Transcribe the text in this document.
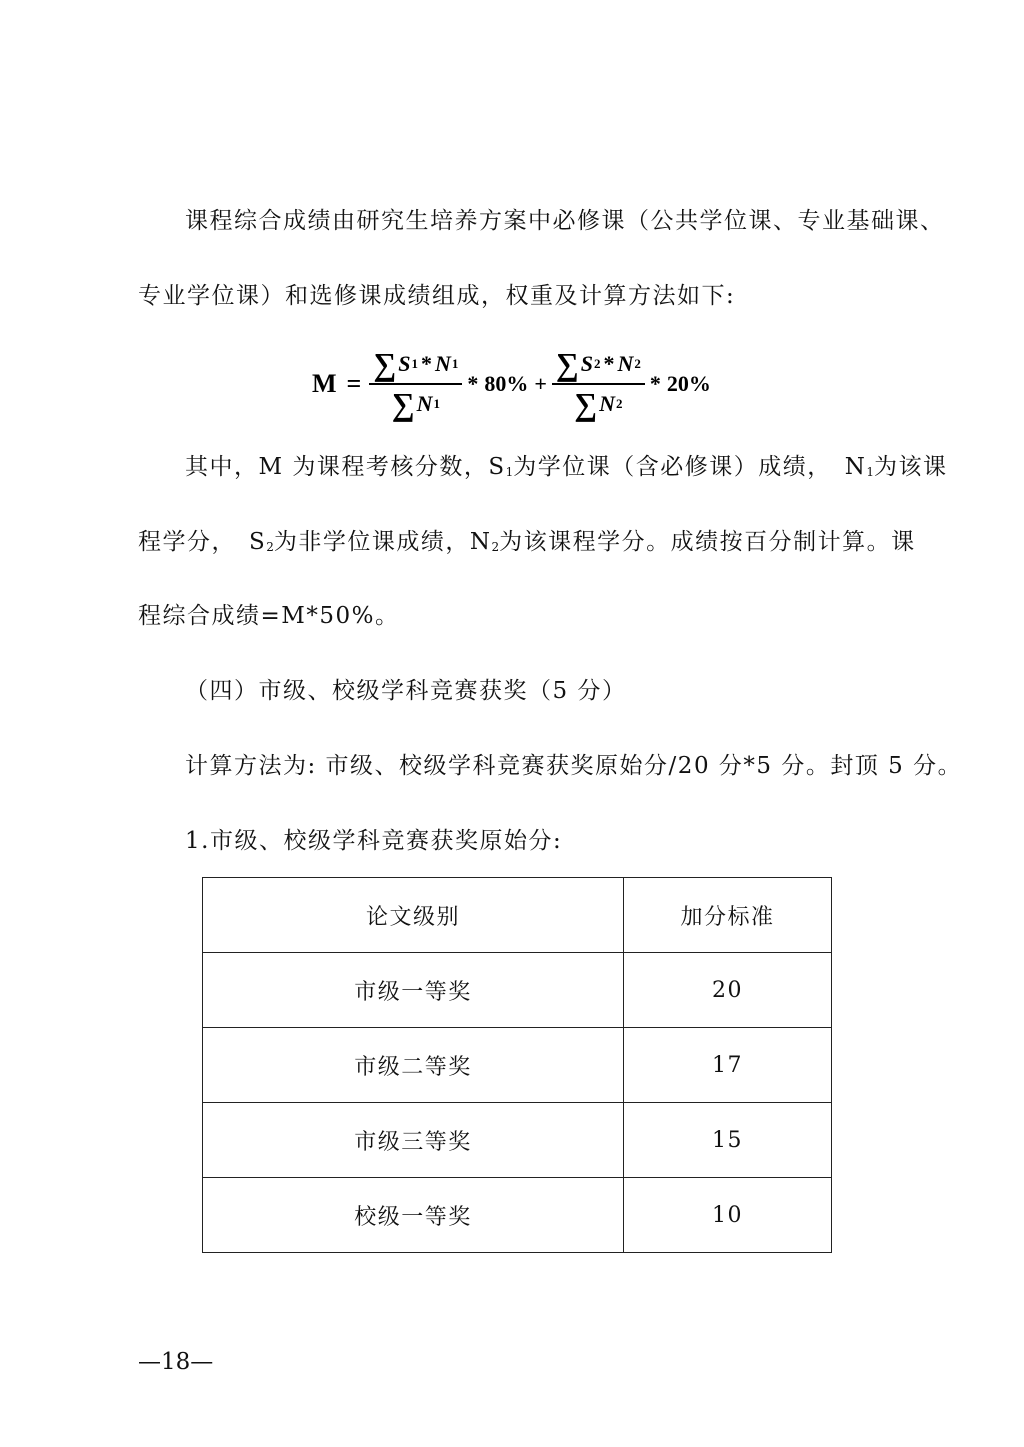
课程综合成绩由研究生培养方案中必修课（公共学位课、专业基础课、
专业学位课）和选修课成绩组成，权重及计算方法如下:
$M = \frac{\sum S 1 * N 1}{\sum N 1} * 80\% + \frac{\sum S 2 * N 2}{\sum N 2} * 20\%$
其中，M 为课程考核分数，$S_1$为学位课（含必修课）成绩，　$N_1$为该课
程学分，　$S_2$为非学位课成绩，$N_2$为该课程学分。成绩按百分制计算。课
程综合成绩=M*50%。
（四）市级、校级学科竞赛获奖（5 分）
计算方法为: 市级、校级学科竞赛获奖原始分/20 分*5 分。封顶 5 分。
1.市级、校级学科竞赛获奖原始分:
论文级别	加分标准
市级一等奖	20
市级二等奖	17
市级三等奖	15
校级一等奖	10
—18—
